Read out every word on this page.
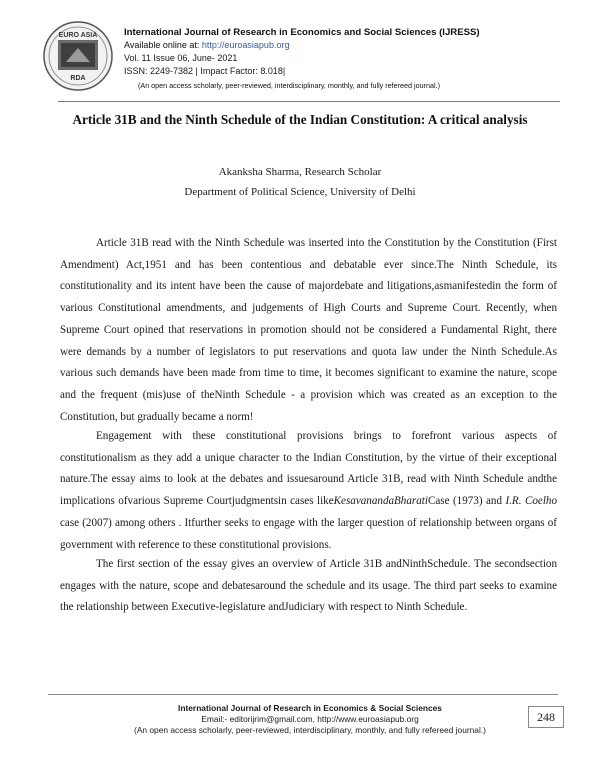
EURO ASIA
RDA
International Journal of Research in Economics and Social Sciences (IJRESS)
Available online at: http://euroasiapub.org
Vol. 11 Issue 06, June- 2021
ISSN: 2249-7382 | Impact Factor: 8.018|
(An open access scholarly, peer-reviewed, interdisciplinary, monthly, and fully refereed journal.)
Article 31B and the Ninth Schedule of the Indian Constitution: A critical analysis
Akanksha Sharma, Research Scholar
Department of Political Science, University of Delhi

Article 31B read with the Ninth Schedule was inserted into the Constitution by the Constitution (First Amendment) Act,1951 and has been contentious and debatable ever since.The Ninth Schedule, its constitutionality and its intent have been the cause of majordebate and litigations,asmanifestedin the form of various Constitutional amendments, and judgements of High Courts and Supreme Court. Recently, when Supreme Court opined that reservations in promotion should not be considered a Fundamental Right, there were demands by a number of legislators to put reservations and quota law under the Ninth Schedule.As various such demands have been made from time to time, it becomes significant to examine the nature, scope and the frequent (mis)use of theNinth Schedule - a provision which was created as an exception to the Constitution, but gradually became a norm!

Engagement with these constitutional provisions brings to forefront various aspects of constitutionalism as they add a unique character to the Indian Constitution, by the virtue of their exceptional nature.The essay aims to look at the debates and issuesaround Article 31B, read with Ninth Schedule andthe implications ofvarious Supreme Courtjudgmentsin cases likeKesavanandaBharatiCase (1973) and I.R. Coelho case (2007) among others . Itfurther seeks to engage with the larger question of relationship between organs of government with reference to these constitutional provisions.

The first section of the essay gives an overview of Article 31B andNinthSchedule. The secondsection engages with the nature, scope and debatesaround the schedule and its usage. The third part seeks to examine the relationship between Executive-legislature andJudiciary with respect to Ninth Schedule.

International Journal of Research in Economics & Social Sciences
Email:- editorijrim@gmail.com, http://www.euroasiapub.org
(An open access scholarly, peer-reviewed, interdisciplinary, monthly, and fully refereed journal.)
248
